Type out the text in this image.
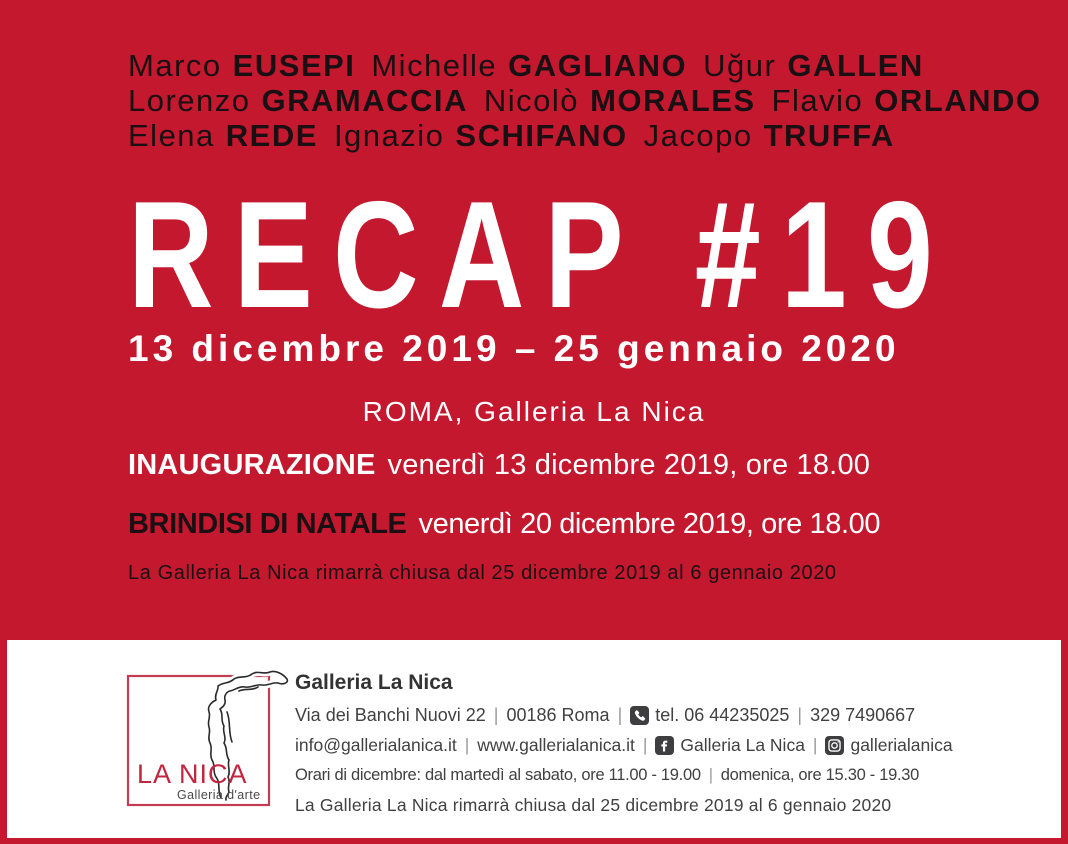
Marco EUSEPI Michelle GAGLIANO Uğur GALLEN
Lorenzo GRAMACCIA Nicolò MORALES Flavio ORLANDO
Elena REDE Ignazio SCHIFANO Jacopo TRUFFA
RECAP #19
13 dicembre 2019 – 25 gennaio 2020
ROMA, Galleria La Nica
INAUGURAZIONE venerdì 13 dicembre 2019, ore 18.00
BRINDISI DI NATALE venerdì 20 dicembre 2019, ore 18.00
La Galleria La Nica rimarrà chiusa dal 25 dicembre 2019 al 6 gennaio 2020
LA NICA
Galleria d'arte
Galleria La Nica
Via dei Banchi Nuovi 22 | 00186 Roma | tel. 06 44235025 | 329 7490667
info@gallerialanica.it | www.gallerialanica.it | Galleria La Nica | gallerialanica
Orari di dicembre: dal martedì al sabato, ore 11.00 - 19.00 | domenica, ore 15.30 - 19.30
La Galleria La Nica rimarrà chiusa dal 25 dicembre 2019 al 6 gennaio 2020
